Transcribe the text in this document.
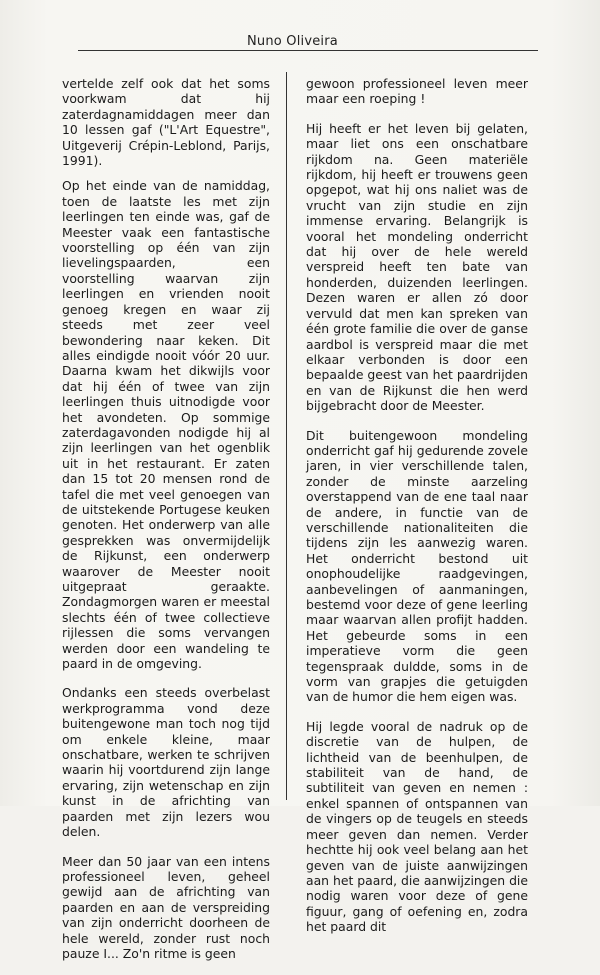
Nuno Oliveira

vertelde zelf ook dat het soms voorkwam dat hij zaterdagnamiddagen meer dan 10 lessen gaf ("L'Art Equestre", Uitgeverij Crépin-Leblond, Parijs, 1991).

Op het einde van de namiddag, toen de laatste les met zijn leerlingen ten einde was, gaf de Meester vaak een fantastische voorstelling op één van zijn lievelingspaarden, een voorstelling waarvan zijn leerlingen en vrienden nooit genoeg kregen en waar zij steeds met zeer veel bewondering naar keken. Dit alles eindigde nooit vóór 20 uur. Daarna kwam het dikwijls voor dat hij één of twee van zijn leerlingen thuis uitnodigde voor het avondeten. Op sommige zaterdagavonden nodigde hij al zijn leerlingen van het ogenblik uit in het restaurant. Er zaten dan 15 tot 20 mensen rond de tafel die met veel genoegen van de uitstekende Portugese keuken genoten. Het onderwerp van alle gesprekken was onvermijdelijk de Rijkunst, een onderwerp waarover de Meester nooit uitgepraat geraakte. Zondagmorgen waren er meestal slechts één of twee collectieve rijlessen die soms vervangen werden door een wandeling te paard in de omgeving.

Ondanks een steeds overbelast werkprogramma vond deze buitengewone man toch nog tijd om enkele kleine, maar onschatbare, werken te schrijven waarin hij voortdurend zijn lange ervaring, zijn wetenschap en zijn kunst in de africhting van paarden met zijn lezers wou delen.

Meer dan 50 jaar van een intens professioneel leven, geheel gewijd aan de africhting van paarden en aan de verspreiding van zijn onderricht doorheen de hele wereld, zonder rust noch pauze I... Zo'n ritme is geen

gewoon professioneel leven meer maar een roeping !

Hij heeft er het leven bij gelaten, maar liet ons een onschatbare rijkdom na. Geen materiële rijkdom, hij heeft er trouwens geen opgepot, wat hij ons naliet was de vrucht van zijn studie en zijn immense ervaring. Belangrijk is vooral het mondeling onderricht dat hij over de hele wereld verspreid heeft ten bate van honderden, duizenden leerlingen. Dezen waren er allen zó door vervuld dat men kan spreken van één grote familie die over de ganse aardbol is verspreid maar die met elkaar verbonden is door een bepaalde geest van het paardrijden en van de Rijkunst die hen werd bijgebracht door de Meester.

Dit buitengewoon mondeling onderricht gaf hij gedurende zovele jaren, in vier verschillende talen, zonder de minste aarzeling overstappend van de ene taal naar de andere, in functie van de verschillende nationaliteiten die tijdens zijn les aanwezig waren. Het onderricht bestond uit onophoudelijke raadgevingen, aanbevelingen of aanmaningen, bestemd voor deze of gene leerling maar waarvan allen profijt hadden. Het gebeurde soms in een imperatieve vorm die geen tegenspraak duldde, soms in de vorm van grapjes die getuigden van de humor die hem eigen was.

Hij legde vooral de nadruk op de discretie van de hulpen, de lichtheid van de beenhulpen, de stabiliteit van de hand, de subtiliteit van geven en nemen : enkel spannen of ontspannen van de vingers op de teugels en steeds meer geven dan nemen. Verder hechtte hij ook veel belang aan het geven van de juiste aanwijzingen aan het paard, die aanwijzingen die nodig waren voor deze of gene figuur, gang of oefening en, zodra het paard dit
